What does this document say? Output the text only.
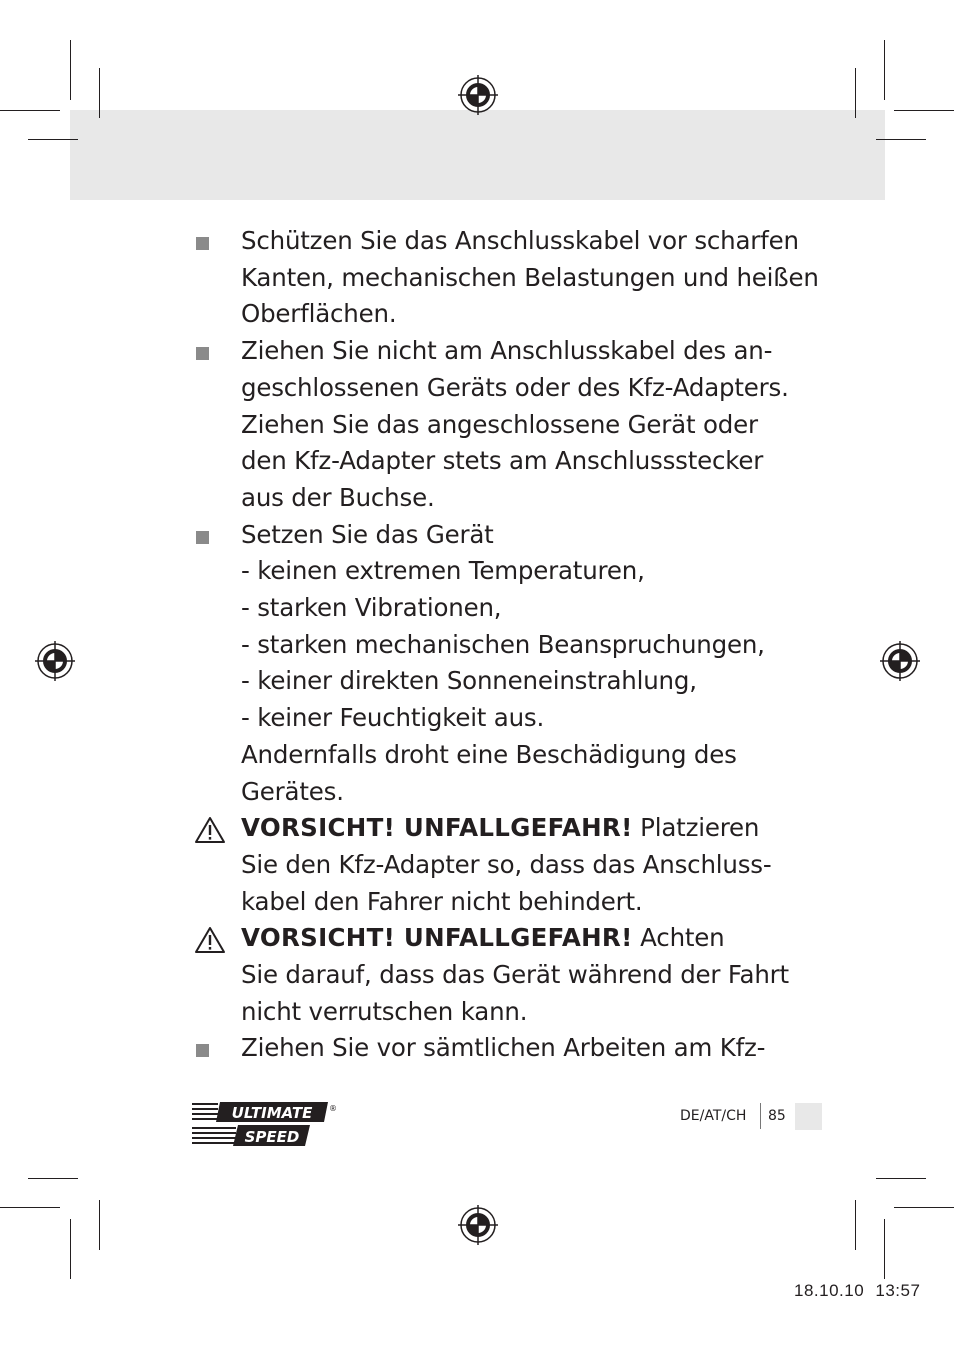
Schützen Sie das Anschlusskabel vor scharfen
Kanten, mechanischen Belastungen und heißen
Oberflächen.
Ziehen Sie nicht am Anschlusskabel des an-
geschlossenen Geräts oder des Kfz-Adapters.
Ziehen Sie das angeschlossene Gerät oder
den Kfz-Adapter stets am Anschlussstecker
aus der Buchse.
Setzen Sie das Gerät
- keinen extremen Temperaturen,
- starken Vibrationen,
- starken mechanischen Beanspruchungen,
- keiner direkten Sonneneinstrahlung,
- keiner Feuchtigkeit aus.
Andernfalls droht eine Beschädigung des
Gerätes.
VORSICHT! UNFALLGEFAHR! Platzieren
Sie den Kfz-Adapter so, dass das Anschluss-
kabel den Fahrer nicht behindert.
VORSICHT! UNFALLGEFAHR! Achten
Sie darauf, dass das Gerät während der Fahrt
nicht verrutschen kann.
Ziehen Sie vor sämtlichen Arbeiten am Kfz-
ULTIMATE
SPEED
®	DE/AT/CH 85
18.10.10 13:57
